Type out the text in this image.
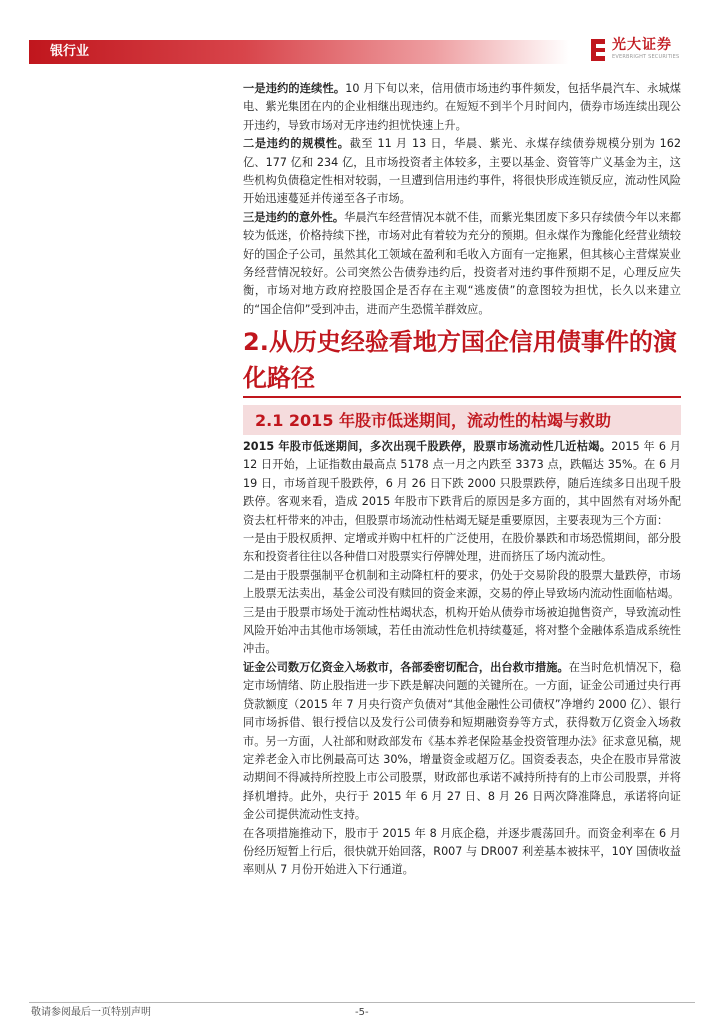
银行业	光大证券
EVERBRIGHT SECURITIES

一是违约的连续性。10 月下旬以来，信用债市场违约事件频发，包括华晨汽车、永城煤电、紫光集团在内的企业相继出现违约。在短短不到半个月时间内，债券市场连续出现公开违约，导致市场对无序违约担忧快速上升。

二是违约的规模性。截至 11 月 13 日，华晨、紫光、永煤存续债券规模分别为 162 亿、177 亿和 234 亿，且市场投资者主体较多，主要以基金、资管等广义基金为主，这些机构负债稳定性相对较弱，一旦遭到信用违约事件，将很快形成连锁反应，流动性风险开始迅速蔓延并传递至各子市场。

三是违约的意外性。华晨汽车经营情况本就不佳，而紫光集团废下多只存续债今年以来都较为低迷，价格持续下挫，市场对此有着较为充分的预期。但永煤作为豫能化经营业绩较好的国企子公司，虽然其化工领域在盈利和毛收入方面有一定拖累，但其核心主营煤炭业务经营情况较好。公司突然公告债券违约后，投资者对违约事件预期不足，心理反应失衡，市场对地方政府控股国企是否存在主观“逃废债”的意图较为担忧，长久以来建立的“国企信仰”受到冲击，进而产生恐慌羊群效应。

2.从历史经验看地方国企信用债事件的演化路径
2.1 2015 年股市低迷期间，流动性的枯竭与救助

2015 年股市低迷期间，多次出现千股跌停，股票市场流动性几近枯竭。2015 年 6 月 12 日开始，上证指数由最高点 5178 点一月之内跌至 3373 点，跌幅达 35%。在 6 月 19 日，市场首现千股跌停，6 月 26 日下跌 2000 只股票跌停，随后连续多日出现千股跌停。客观来看，造成 2015 年股市下跌背后的原因是多方面的，其中固然有对场外配资去杠杆带来的冲击，但股票市场流动性枯竭无疑是重要原因，主要表现为三个方面：

一是由于股权质押、定增或并购中杠杆的广泛使用，在股价暴跌和市场恐慌期间，部分股东和投资者往往以各种借口对股票实行停牌处理，进而挤压了场内流动性。

二是由于股票强制平仓机制和主动降杠杆的要求，仍处于交易阶段的股票大量跌停，市场上股票无法卖出，基金公司没有赎回的资金来源，交易的停止导致场内流动性面临枯竭。

三是由于股票市场处于流动性枯竭状态，机构开始从债券市场被迫抛售资产，导致流动性风险开始冲击其他市场领域，若任由流动性危机持续蔓延，将对整个金融体系造成系统性冲击。

证金公司数万亿资金入场救市，各部委密切配合，出台救市措施。在当时危机情况下，稳定市场情绪、防止股指进一步下跌是解决问题的关键所在。一方面，证金公司通过央行再贷款额度（2015 年 7 月央行资产负债对“其他金融性公司债权”净增约 2000 亿）、银行同市场拆借、银行授信以及发行公司债券和短期融资券等方式，获得数万亿资金入场救市。另一方面，人社部和财政部发布《基本养老保险基金投资管理办法》征求意见稿，规定养老金入市比例最高可达 30%，增量资金或超万亿。国资委表态，央企在股市异常波动期间不得减持所控股上市公司股票，财政部也承诺不减持所持有的上市公司股票，并将择机增持。此外，央行于 2015 年 6 月 27 日、8 月 26 日两次降准降息，承诺将向证金公司提供流动性支持。

在各项措施推动下，股市于 2015 年 8 月底企稳，并逐步震荡回升。而资金利率在 6 月份经历短暂上行后，很快就开始回落，R007 与 DR007 利差基本被抹平，10Y 国债收益率则从 7 月份开始进入下行通道。

敬请参阅最后一页特别声明	-5-
